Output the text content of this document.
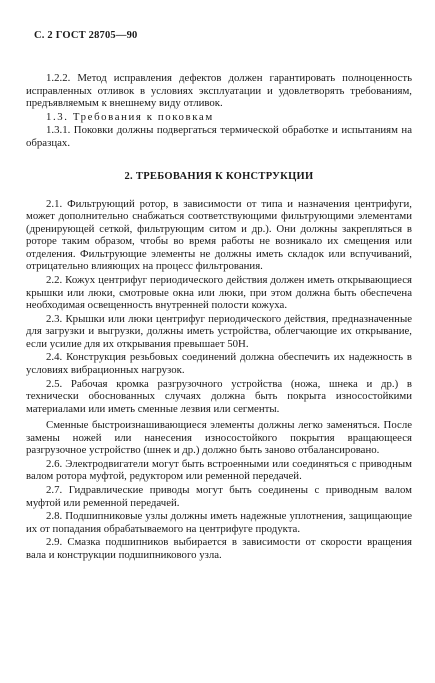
С. 2 ГОСТ 28705—90

1.2.2. Метод исправления дефектов должен гарантировать полноценность исправленных отливок в условиях эксплуатации и удовлетворять требованиям, предъявляемым к внешнему виду отливок.

1.3. Требования к поковкам

1.3.1. Поковки должны подвергаться термической обработке и испытаниям на образцах.

2. ТРЕБОВАНИЯ К КОНСТРУКЦИИ

2.1. Фильтрующий ротор, в зависимости от типа и назначения центрифуги, может дополнительно снабжаться соответствующими фильтрующими элементами (дренирующей сеткой, фильтрующим ситом и др.). Они должны закрепляться в роторе таким образом, чтобы во время работы не возникало их смещения или отделения. Фильтрующие элементы не должны иметь складок или вспучиваний, отрицательно влияющих на процесс фильтрования.

2.2. Кожух центрифуг периодического действия должен иметь открывающиеся крышки или люки, смотровые окна или люки, при этом должна быть обеспечена необходимая освещенность внутренней полости кожуха.

2.3. Крышки или люки центрифуг периодического действия, предназначенные для загрузки и выгрузки, должны иметь устройства, облегчающие их открывание, если усилие для их открывания превышает 50Н.

2.4. Конструкция резьбовых соединений должна обеспечить их надежность в условиях вибрационных нагрузок.

2.5. Рабочая кромка разгрузочного устройства (ножа, шнека и др.) в технически обоснованных случаях должна быть покрыта износостойкими материалами или иметь сменные лезвия или сегменты.

Сменные быстроизнашивающиеся элементы должны легко заменяться. После замены ножей или нанесения износостойкого покрытия вращающееся разгрузочное устройство (шнек и др.) должно быть заново отбалансировано.

2.6. Электродвигатели могут быть встроенными или соединяться с приводным валом ротора муфтой, редуктором или ременной передачей.

2.7. Гидравлические приводы могут быть соединены с приводным валом муфтой или ременной передачей.

2.8. Подшипниковые узлы должны иметь надежные уплотнения, защищающие их от попадания обрабатываемого на центрифуге продукта.

2.9. Смазка подшипников выбирается в зависимости от скорости вращения вала и конструкции подшипникового узла.
